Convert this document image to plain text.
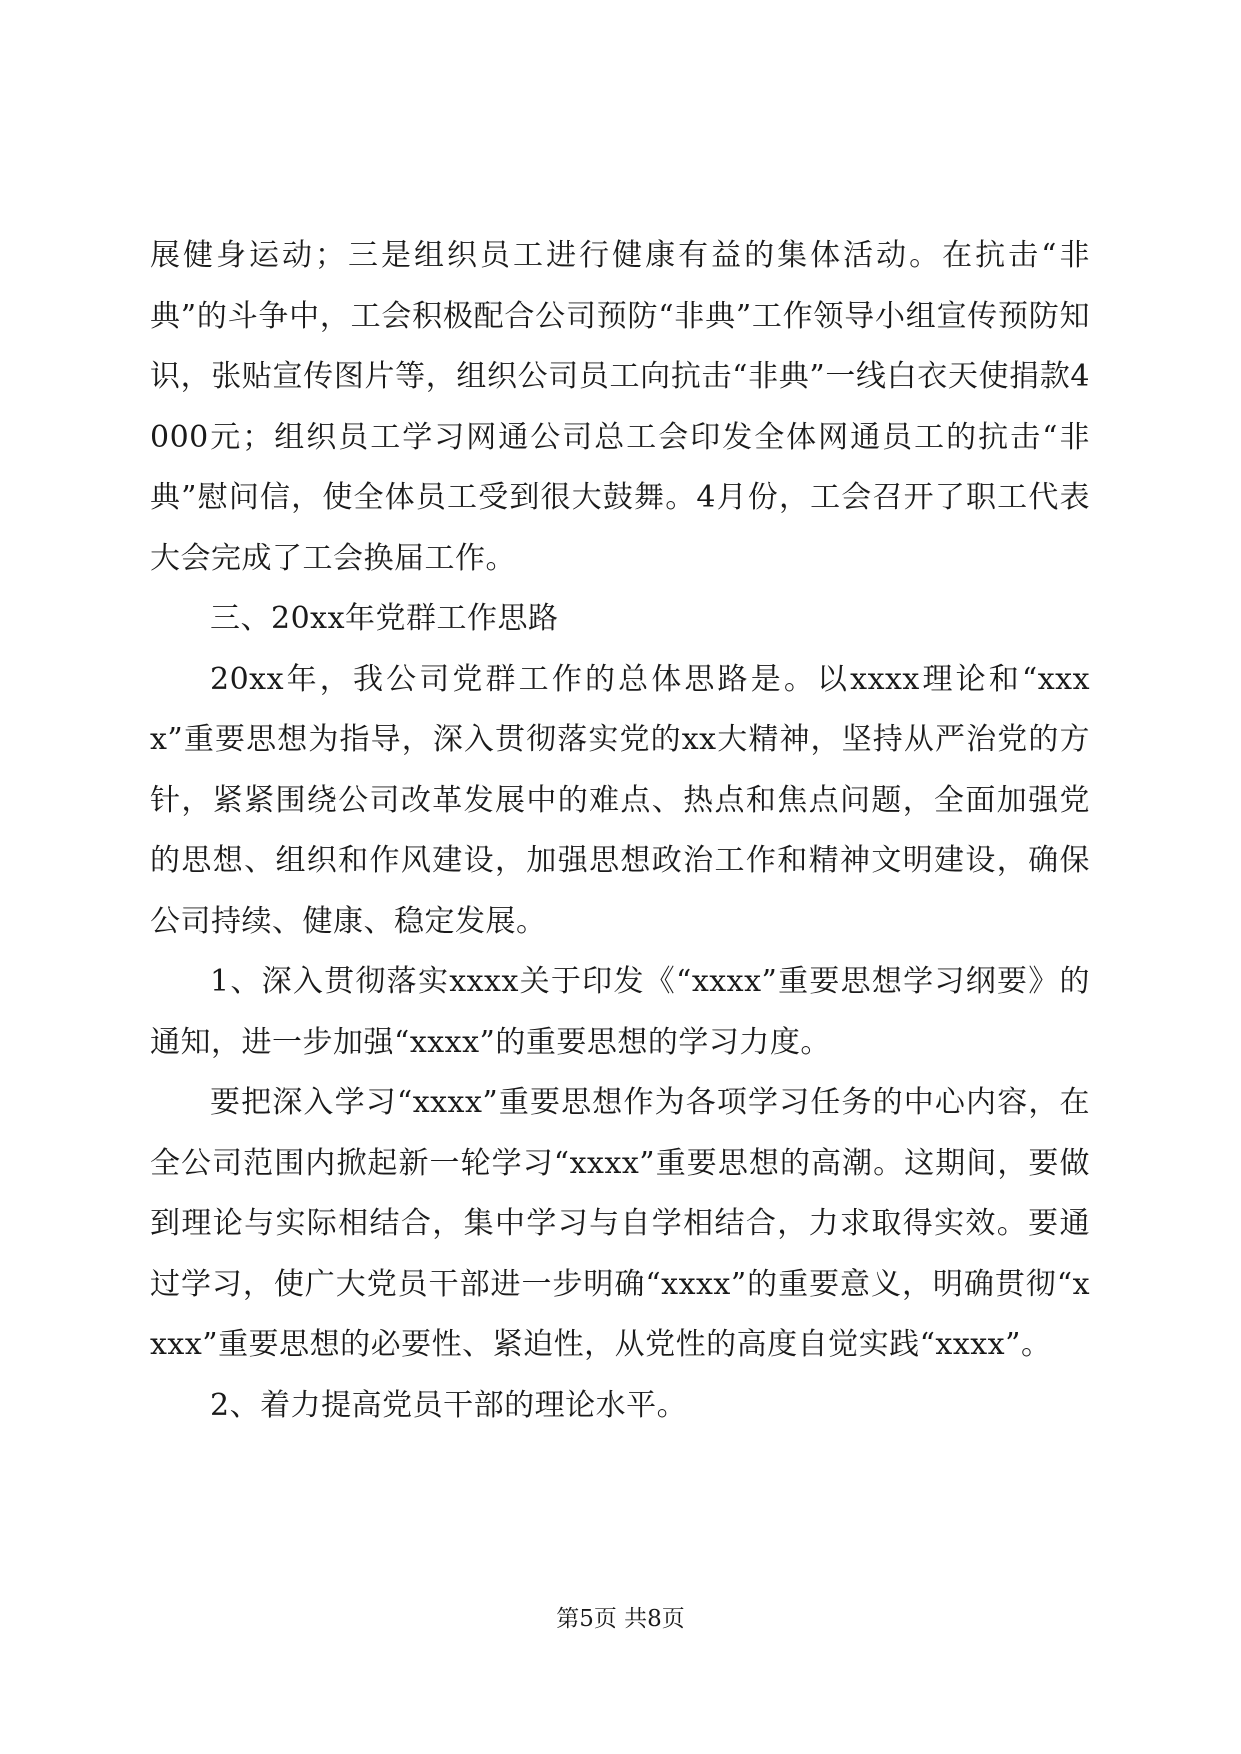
展健身运动；三是组织员工进行健康有益的集体活动。在抗击“非典”的斗争中，工会积极配合公司预防“非典”工作领导小组宣传预防知识，张贴宣传图片等，组织公司员工向抗击“非典”一线白衣天使捐款4000元；组织员工学习网通公司总工会印发全体网通员工的抗击“非典”慰问信，使全体员工受到很大鼓舞。4月份，工会召开了职工代表大会完成了工会换届工作。

三、20xx年党群工作思路

20xx年，我公司党群工作的总体思路是。以xxxx理论和“xxxx”重要思想为指导，深入贯彻落实党的xx大精神，坚持从严治党的方针，紧紧围绕公司改革发展中的难点、热点和焦点问题，全面加强党的思想、组织和作风建设，加强思想政治工作和精神文明建设，确保公司持续、健康、稳定发展。

1、深入贯彻落实xxxx关于印发《“xxxx”重要思想学习纲要》的通知，进一步加强“xxxx”的重要思想的学习力度。

要把深入学习“xxxx”重要思想作为各项学习任务的中心内容，在全公司范围内掀起新一轮学习“xxxx”重要思想的高潮。这期间，要做到理论与实际相结合，集中学习与自学相结合，力求取得实效。要通过学习，使广大党员干部进一步明确“xxxx”的重要意义，明确贯彻“xxxx”重要思想的必要性、紧迫性，从党性的高度自觉实践“xxxx”。

2、着力提高党员干部的理论水平。

第5页 共8页
